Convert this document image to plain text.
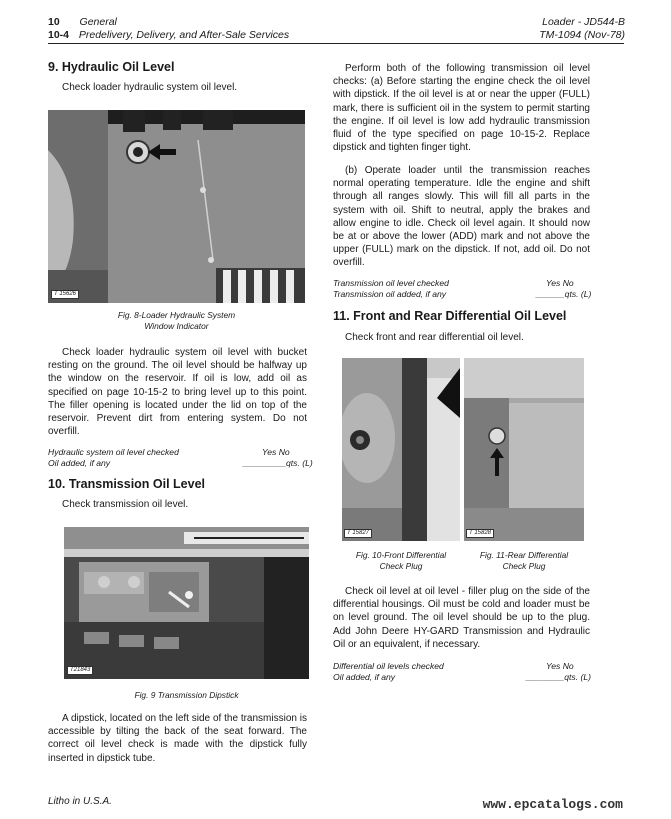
10 General
10-4 Predelivery, Delivery, and After-Sale Services
Loader - JD544-B
TM-1094 (Nov-78)
9. Hydraulic Oil Level
Check loader hydraulic system oil level.
T 15626
Fig. 8-Loader Hydraulic System
Window Indicator
Check loader hydraulic system oil level with bucket resting on the ground. The oil level should be halfway up the window on the reservoir. If oil is low, add oil as specified on page 10-15-2 to bring level up to this point. The filler opening is located under the lid on top of the reservoir. Prevent dirt from entering system. Do not overfill.
Hydraulic system oil level checked	Yes No
Oil added, if any	_________qts. (L)
10. Transmission Oil Level
Check transmission oil level.
T21843
Fig. 9 Transmission Dipstick
A dipstick, located on the left side of the transmission is accessible by tilting the back of the seat forward. The correct oil level check is made with the dipstick fully inserted in dipstick tube.
Perform both of the following transmission oil level checks: (a) Before starting the engine check the oil level with dipstick. If the oil level is at or near the upper (FULL) mark, there is sufficient oil in the system to permit starting the engine. If oil level is low add hydraulic transmission fluid of the type specified on page 10-15-2. Replace dipstick and tighten finger tight.
(b) Operate loader until the transmission reaches normal operating temperature. Idle the engine and shift through all ranges slowly. This will fill all parts in the system with oil. Shift to neutral, apply the brakes and allow engine to idle. Check oil level again. It should now be at or above the lower (ADD) mark and not above the upper (FULL) mark on the dipstick. If not, add oil. Do not overfill.
Transmission oil level checked	Yes No
Transmission oil added, if any	______qts. (L)
11. Front and Rear Differential Oil Level
Check front and rear differential oil level.
T 15827	T 15828
Fig. 10-Front Differential
Check Plug
Fig. 11-Rear Differential
Check Plug
Check oil level at oil level - filler plug on the side of the differential housings. Oil must be cold and loader must be on level ground. The oil level should be up to the plug. Add John Deere HY-GARD Transmission and Hydraulic Oil or an equivalent, if necessary.
Differential oil levels checked	Yes No
Oil added, if any	________qts. (L)
Litho in U.S.A.	www.epcatalogs.com
